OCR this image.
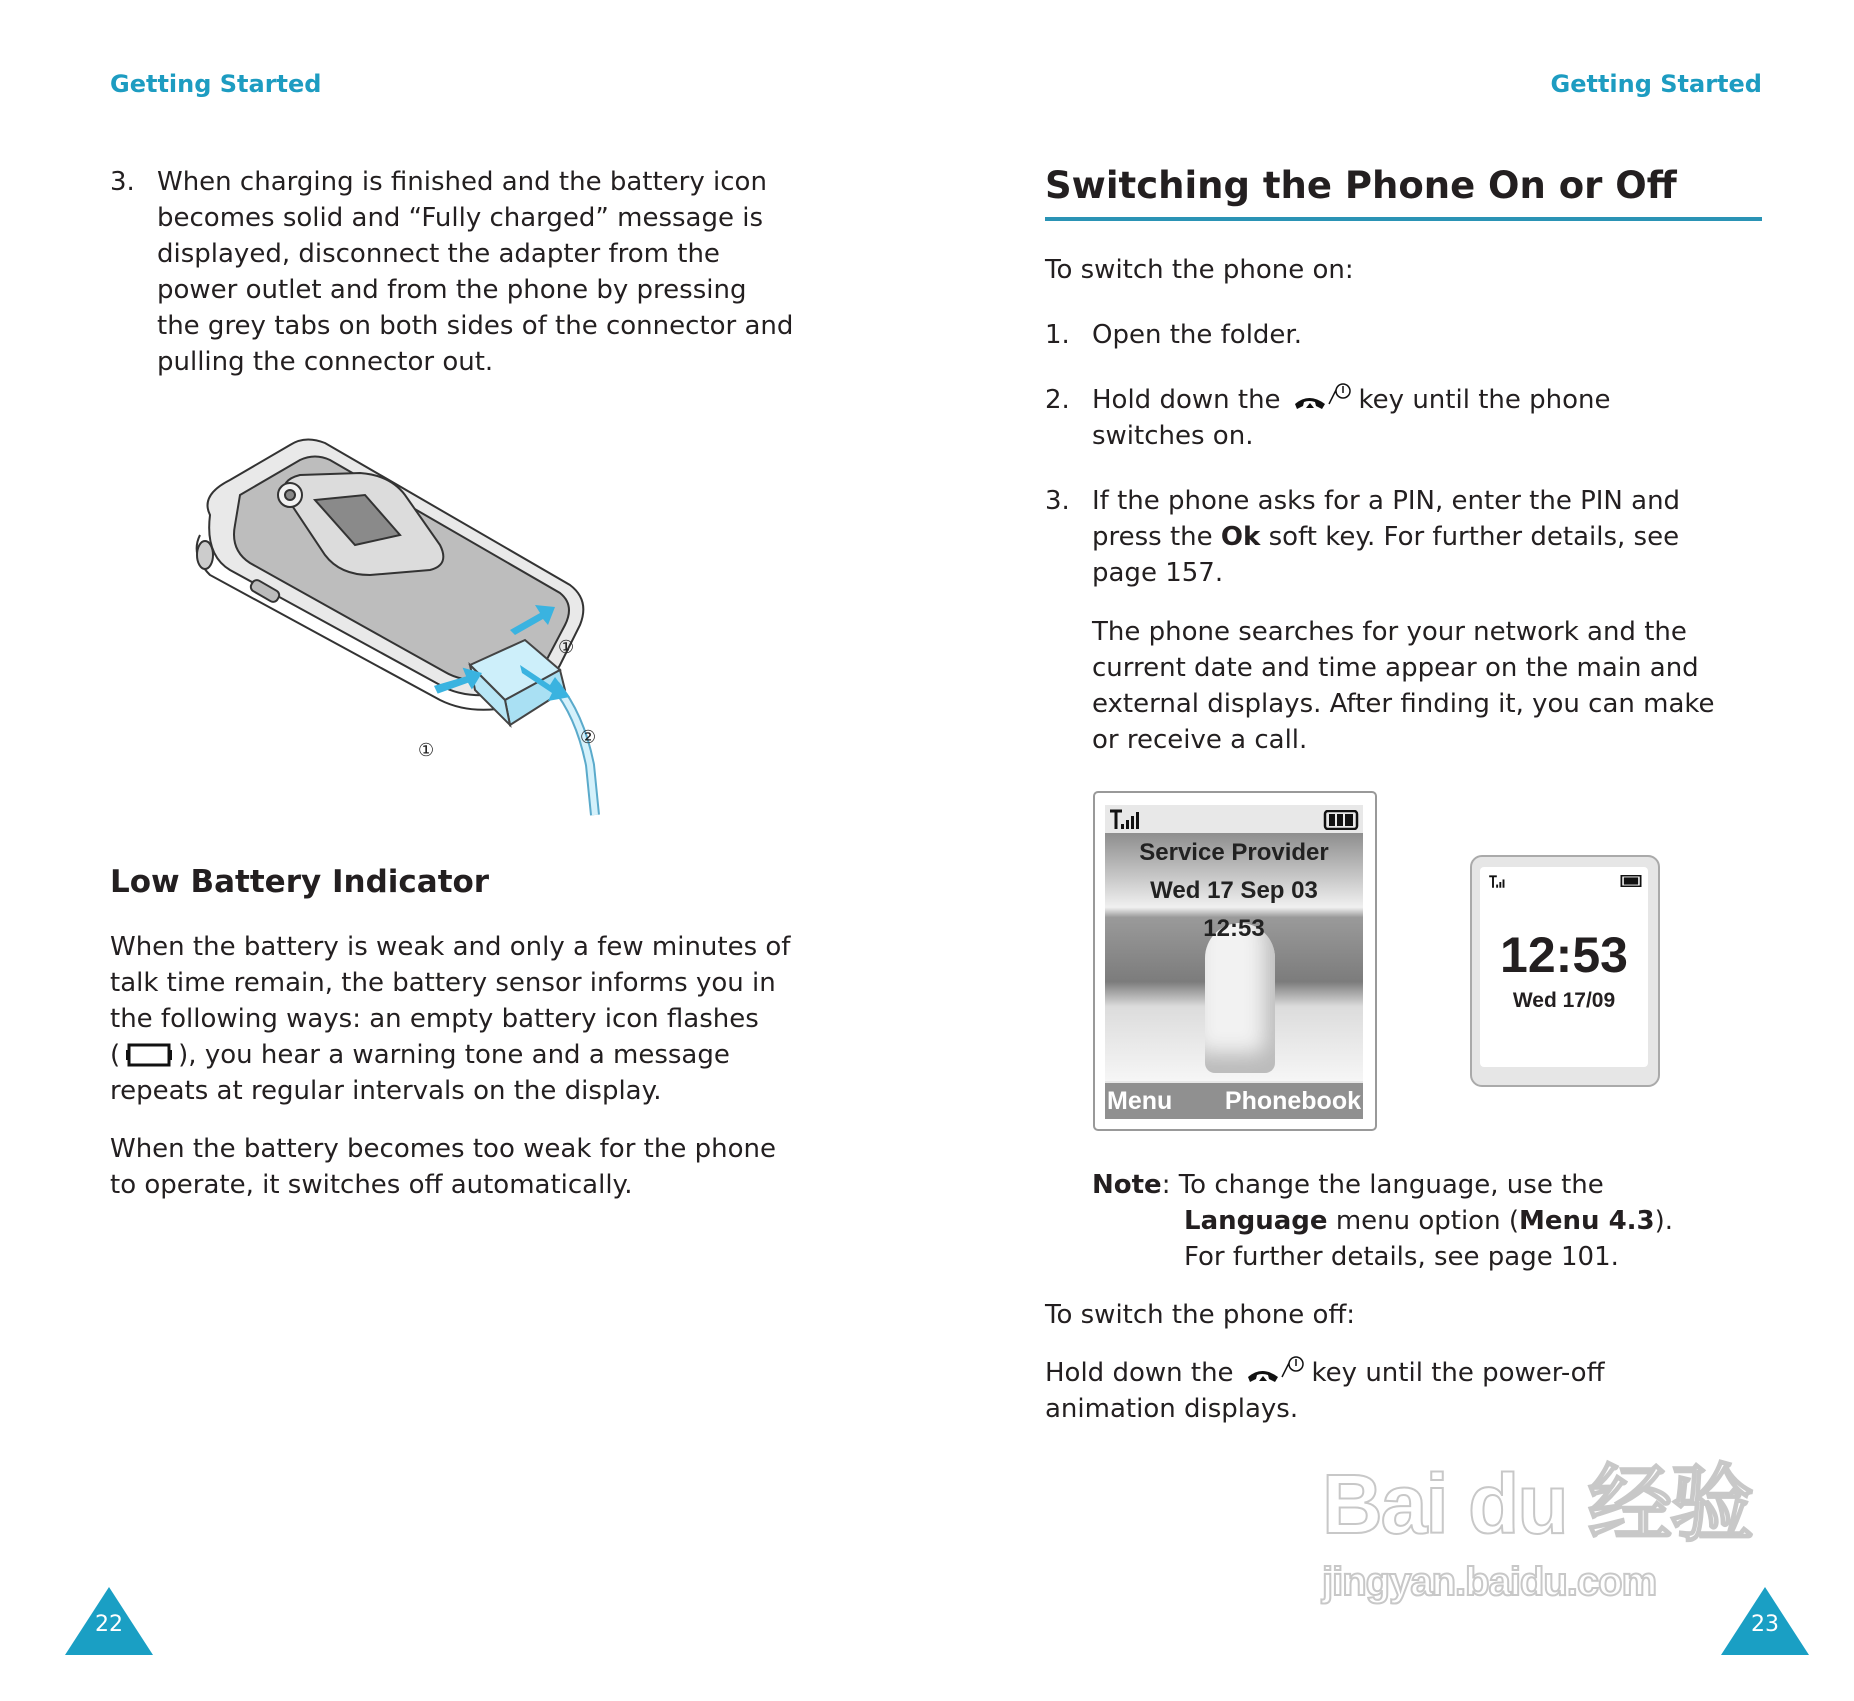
Getting Started
3. When charging is finished and the battery icon
becomes solid and “Fully charged” message is
displayed, disconnect the adapter from the
power outlet and from the phone by pressing
the grey tabs on both sides of the connector and
pulling the connector out.
①
①
②
Low Battery Indicator
When the battery is weak and only a few minutes of
talk time remain, the battery sensor informs you in
the following ways: an empty battery icon flashes
( ), you hear a warning tone and a message
repeats at regular intervals on the display.
When the battery becomes too weak for the phone
to operate, it switches off automatically.
22
Getting Started
Switching the Phone On or Off
To switch the phone on:
1. Open the folder.
2. Hold down the	key until the phone
switches on.
3. If the phone asks for a PIN, enter the PIN and
press the Ok soft key. For further details, see
page 157.
The phone searches for your network and the
current date and time appear on the main and
external displays. After finding it, you can make
or receive a call.
Service Provider
Wed 17 Sep 03
12:53
Menu Phonebook
12:53
Wed 17/09
Note: To change the language, use the
Language menu option (Menu 4.3).
For further details, see page 101.
To switch the phone off:
Hold down the	key until the power-off
animation displays.
Bai du 经验
jingyan.baidu.com
23
